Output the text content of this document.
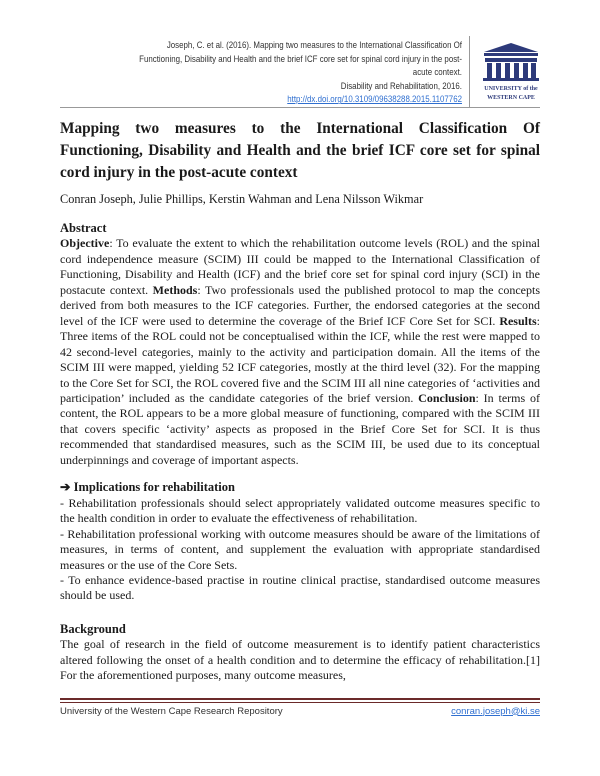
Joseph, C. et al. (2016). Mapping two measures to the International Classification Of
Functioning, Disability and Health and the brief ICF core set for spinal cord injury in the post-
acute context.
Disability and Rehabilitation, 2016.
http://dx.doi.org/10.3109/09638288.2015.1107762
UNIVERSITY of the
WESTERN CAPE
Mapping two measures to the International Classification Of Functioning, Disability and Health and the brief ICF core set for spinal cord injury in the post-acute context
Conran Joseph, Julie Phillips, Kerstin Wahman and Lena Nilsson Wikmar
Abstract

Objective: To evaluate the extent to which the rehabilitation outcome levels (ROL) and the spinal cord independence measure (SCIM) III could be mapped to the International Classification of Functioning, Disability and Health (ICF) and the brief core set for spinal cord injury (SCI) in the postacute context. Methods: Two professionals used the published protocol to map the concepts derived from both measures to the ICF categories. Further, the endorsed categories at the second level of the ICF were used to determine the coverage of the Brief ICF Core Set for SCI. Results: Three items of the ROL could not be conceptualised within the ICF, while the rest were mapped to 42 second-level categories, mainly to the activity and participation domain. All the items of the SCIM III were mapped, yielding 52 ICF categories, mostly at the third level (32). For the mapping to the Core Set for SCI, the ROL covered five and the SCIM III all nine categories of ‘activities and participation’ included as the candidate categories of the brief version. Conclusion: In terms of content, the ROL appears to be a more global measure of functioning, compared with the SCIM III that covers specific ‘activity’ aspects as proposed in the Brief Core Set for SCI. It is thus recommended that standardised measures, such as the SCIM III, be used due to its conceptual underpinnings and coverage of important aspects.

➔ Implications for rehabilitation

- Rehabilitation professionals should select appropriately validated outcome measures specific to the health condition in order to evaluate the effectiveness of rehabilitation.

- Rehabilitation professional working with outcome measures should be aware of the limitations of measures, in terms of content, and supplement the evaluation with appropriate standardised measures or the use of the Core Sets.

- To enhance evidence-based practise in routine clinical practise, standardised outcome measures should be used.

Background

The goal of research in the field of outcome measurement is to identify patient characteristics altered following the onset of a health condition and to determine the efficacy of rehabilitation.[1] For the aforementioned purposes, many outcome measures,

University of the Western Cape Research Repository	conran.joseph@ki.se
